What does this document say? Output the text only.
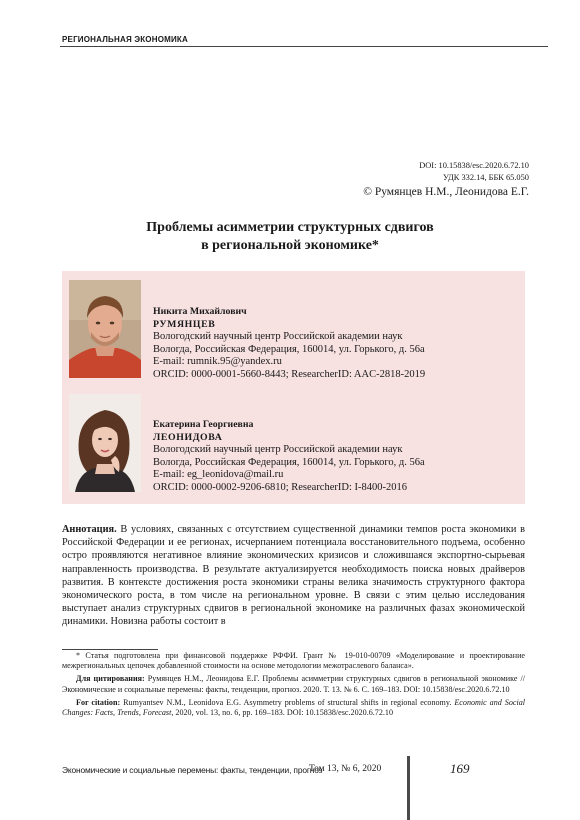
РЕГИОНАЛЬНАЯ ЭКОНОМИКА
DOI: 10.15838/esc.2020.6.72.10
УДК 332.14, ББК 65.050
© Румянцев Н.М., Леонидова Е.Г.
Проблемы асимметрии структурных сдвигов
в региональной экономике*
Никита Михайлович
РУМЯНЦЕВ
Вологодский научный центр Российской академии наук
Вологда, Российская Федерация, 160014, ул. Горького, д. 56а
E-mail: rumnik.95@yandex.ru
ORCID: 0000-0001-5660-8443; ResearcherID: AAC-2818-2019
Екатерина Георгиевна
ЛЕОНИДОВА
Вологодский научный центр Российской академии наук
Вологда, Российская Федерация, 160014, ул. Горького, д. 56а
E-mail: eg_leonidova@mail.ru
ORCID: 0000-0002-9206-6810; ResearcherID: I-8400-2016
Аннотация. В условиях, связанных с отсутствием существенной динамики темпов роста экономики в Российской Федерации и ее регионах, исчерпанием потенциала восстановительного подъема, особенно остро проявляются негативное влияние экономических кризисов и сложившаяся экспортно-сырьевая направленность производства. В результате актуализируется необходимость поиска новых драйверов развития. В контексте достижения роста экономики страны велика значимость структурного фактора экономического роста, в том числе на региональном уровне. В связи с этим целью исследования выступает анализ структурных сдвигов в региональной экономике на различных фазах экономической динамики. Новизна работы состоит в

* Статья подготовлена при финансовой поддержке РФФИ. Грант № 19-010-00709 «Моделирование и проектирование межрегиональных цепочек добавленной стоимости на основе методологии межотраслевого баланса».

Для цитирования: Румянцев Н.М., Леонидова Е.Г. Проблемы асимметрии структурных сдвигов в региональной экономике // Экономические и социальные перемены: факты, тенденции, прогноз. 2020. Т. 13. № 6. С. 169–183. DOI: 10.15838/esc.2020.6.72.10

For citation: Rumyantsev N.M., Leonidova E.G. Asymmetry problems of structural shifts in regional economy. Economic and Social Changes: Facts, Trends, Forecast, 2020, vol. 13, no. 6, pp. 169–183. DOI: 10.15838/esc.2020.6.72.10

Экономические и социальные перемены: факты, тенденции, прогноз
Том 13, № 6, 2020	169
